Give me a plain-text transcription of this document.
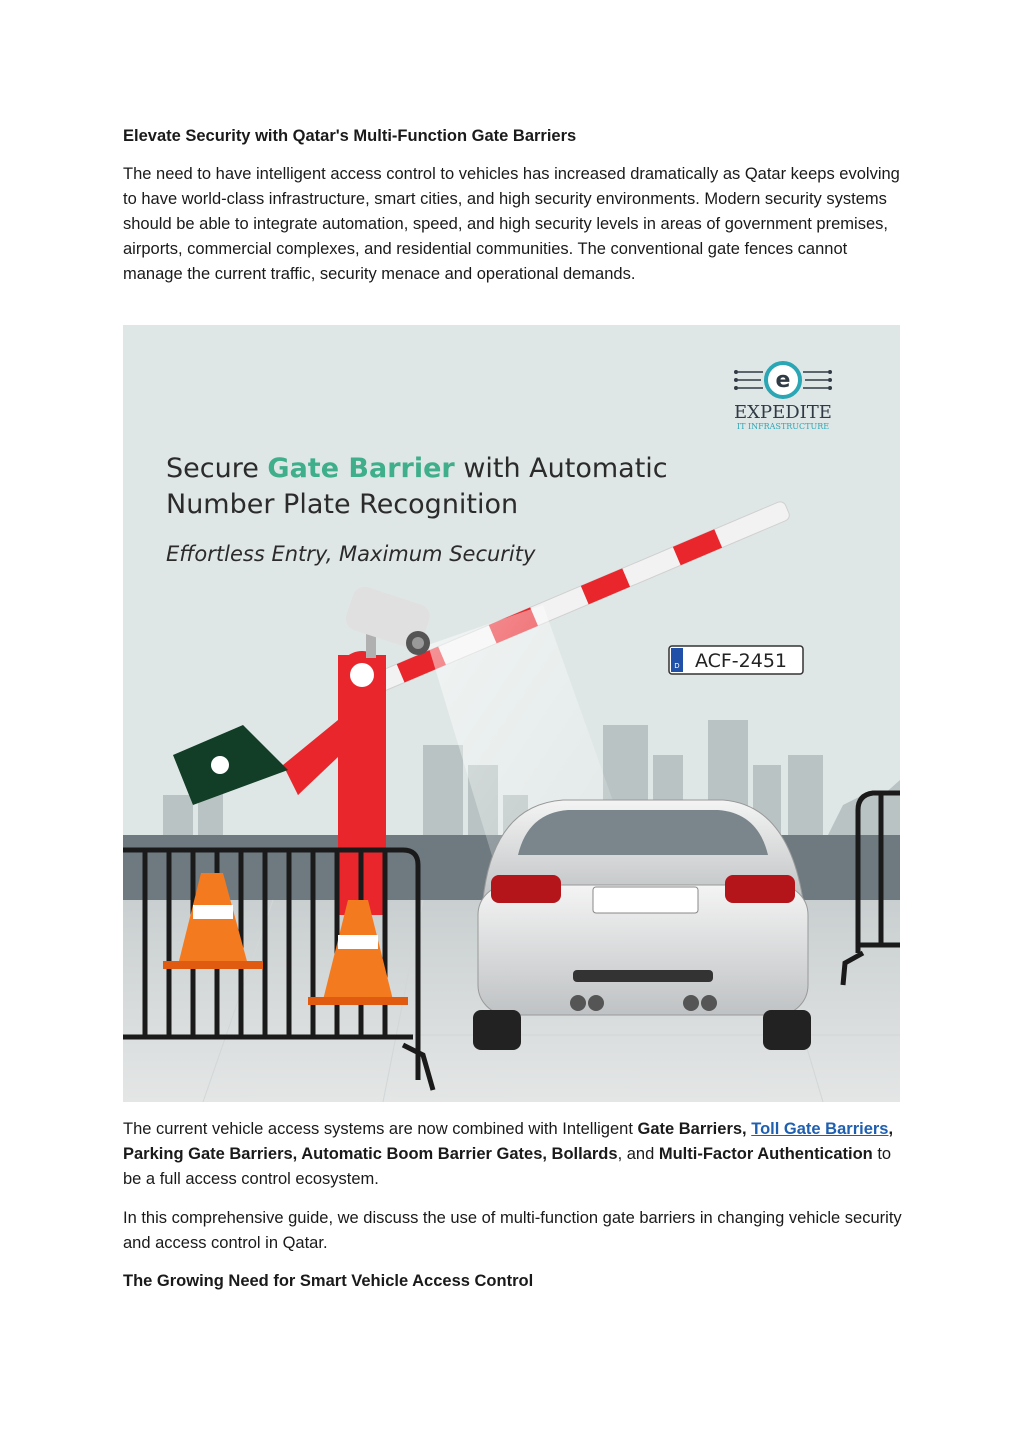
Elevate Security with Qatar's Multi-Function Gate Barriers
The need to have intelligent access control to vehicles has increased dramatically as Qatar keeps evolving to have world-class infrastructure, smart cities, and high security environments. Modern security systems should be able to integrate automation, speed, and high security levels in areas of government premises, airports, commercial complexes, and residential communities. The conventional gate fences cannot manage the current traffic, security menace and operational demands.
e
EXPEDITE
IT INFRASTRUCTURE
Secure Gate Barrier with Automatic
Number Plate Recognition
Effortless Entry, Maximum Security
D ACF-2451
The current vehicle access systems are now combined with Intelligent Gate Barriers, Toll Gate Barriers, Parking Gate Barriers, Automatic Boom Barrier Gates, Bollards, and Multi-Factor Authentication to be a full access control ecosystem.
In this comprehensive guide, we discuss the use of multi-function gate barriers in changing vehicle security and access control in Qatar.
The Growing Need for Smart Vehicle Access Control
